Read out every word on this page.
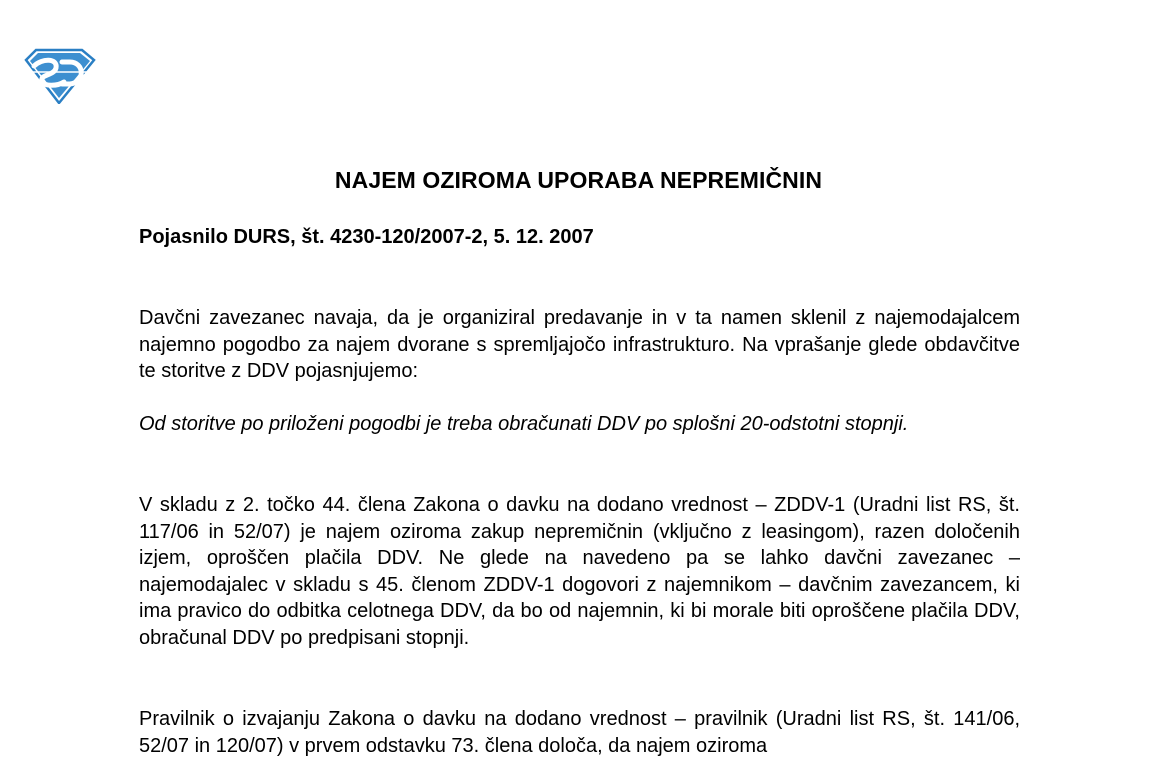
NAJEM OZIROMA UPORABA NEPREMIČNIN
Pojasnilo DURS, št. 4230-120/2007-2, 5. 12. 2007

Davčni zavezanec navaja, da je organiziral predavanje in v ta namen sklenil z najemodajalcem najemno pogodbo za najem dvorane s spremljajočo infrastrukturo. Na vprašanje glede obdavčitve te storitve z DDV pojasnjujemo:

Od storitve po priloženi pogodbi je treba obračunati DDV po splošni 20-odstotni stopnji.

V skladu z 2. točko 44. člena Zakona o davku na dodano vrednost – ZDDV-1 (Uradni list RS, št. 117/06 in 52/07) je najem oziroma zakup nepremičnin (vključno z leasingom), razen določenih izjem, oproščen plačila DDV. Ne glede na navedeno pa se lahko davčni zavezanec – najemodajalec v skladu s 45. členom ZDDV-1 dogovori z najemnikom – davčnim zavezancem, ki ima pravico do odbitka celotnega DDV, da bo od najemnin, ki bi morale biti oproščene plačila DDV, obračunal DDV po predpisani stopnji.

Pravilnik o izvajanju Zakona o davku na dodano vrednost – pravilnik (Uradni list RS, št. 141/06, 52/07 in 120/07) v prvem odstavku 73. člena določa, da najem oziroma
